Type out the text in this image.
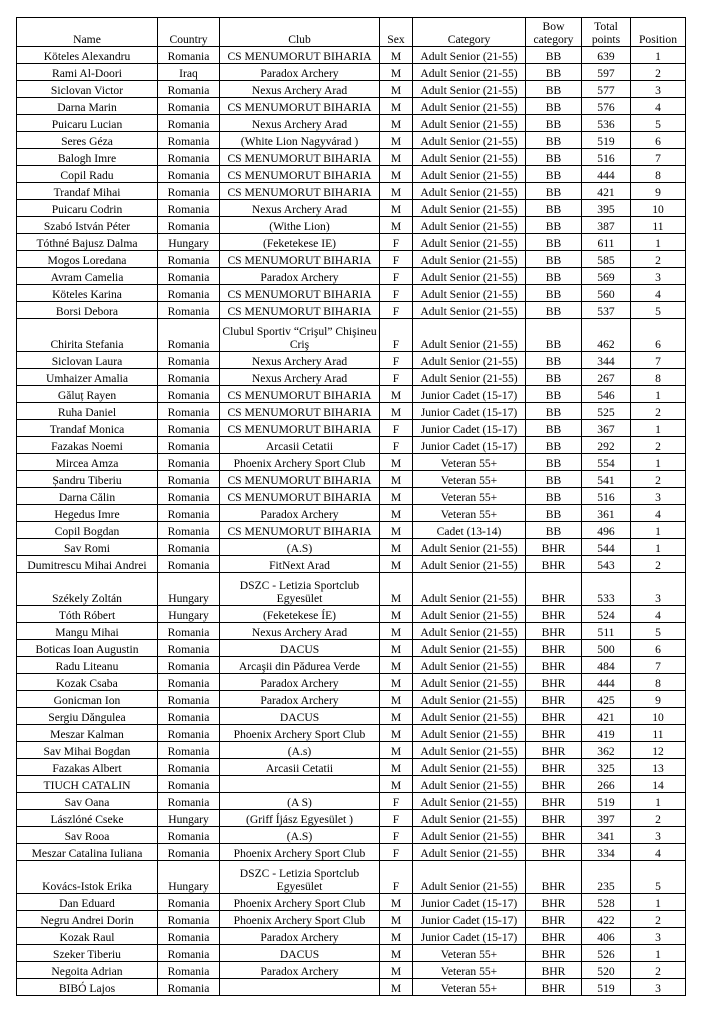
Name	Country	Club	Sex	Category	Bow category	Total points	Position
Köteles Alexandru	Romania	CS MENUMORUT BIHARIA	M	Adult Senior (21-55)	BB	639	1
Rami Al-Doori	Iraq	Paradox Archery	M	Adult Senior (21-55)	BB	597	2
Siclovan Victor	Romania	Nexus Archery Arad	M	Adult Senior (21-55)	BB	577	3
Darna Marin	Romania	CS MENUMORUT BIHARIA	M	Adult Senior (21-55)	BB	576	4
Puicaru Lucian	Romania	Nexus Archery Arad	M	Adult Senior (21-55)	BB	536	5
Seres Géza	Romania	(White Lion Nagyvárad )	M	Adult Senior (21-55)	BB	519	6
Balogh Imre	Romania	CS MENUMORUT BIHARIA	M	Adult Senior (21-55)	BB	516	7
Copil Radu	Romania	CS MENUMORUT BIHARIA	M	Adult Senior (21-55)	BB	444	8
Trandaf Mihai	Romania	CS MENUMORUT BIHARIA	M	Adult Senior (21-55)	BB	421	9
Puicaru Codrin	Romania	Nexus Archery Arad	M	Adult Senior (21-55)	BB	395	10
Szabó István Péter	Romania	(Withe Lion)	M	Adult Senior (21-55)	BB	387	11
Tóthné Bajusz Dalma	Hungary	(Feketekese IE)	F	Adult Senior (21-55)	BB	611	1
Mogos Loredana	Romania	CS MENUMORUT BIHARIA	F	Adult Senior (21-55)	BB	585	2
Avram Camelia	Romania	Paradox Archery	F	Adult Senior (21-55)	BB	569	3
Köteles Karina	Romania	CS MENUMORUT BIHARIA	F	Adult Senior (21-55)	BB	560	4
Borsi Debora	Romania	CS MENUMORUT BIHARIA	F	Adult Senior (21-55)	BB	537	5
Chirita Stefania	Romania	Clubul Sportiv “Crişul” Chişineu Criş	F	Adult Senior (21-55)	BB	462	6
Siclovan Laura	Romania	Nexus Archery Arad	F	Adult Senior (21-55)	BB	344	7
Umhaizer Amalia	Romania	Nexus Archery Arad	F	Adult Senior (21-55)	BB	267	8
Găluț Rayen	Romania	CS MENUMORUT BIHARIA	M	Junior Cadet (15-17)	BB	546	1
Ruha Daniel	Romania	CS MENUMORUT BIHARIA	M	Junior Cadet (15-17)	BB	525	2
Trandaf Monica	Romania	CS MENUMORUT BIHARIA	F	Junior Cadet (15-17)	BB	367	1
Fazakas Noemi	Romania	Arcasii Cetatii	F	Junior Cadet (15-17)	BB	292	2
Mircea Amza	Romania	Phoenix Archery Sport Club	M	Veteran 55+	BB	554	1
Șandru Tiberiu	Romania	CS MENUMORUT BIHARIA	M	Veteran 55+	BB	541	2
Darna Călin	Romania	CS MENUMORUT BIHARIA	M	Veteran 55+	BB	516	3
Hegedus Imre	Romania	Paradox Archery	M	Veteran 55+	BB	361	4
Copil Bogdan	Romania	CS MENUMORUT BIHARIA	M	Cadet (13-14)	BB	496	1
Sav Romi	Romania	(A.S)	M	Adult Senior (21-55)	BHR	544	1
Dumitrescu Mihai Andrei	Romania	FitNext Arad	M	Adult Senior (21-55)	BHR	543	2
Székely Zoltán	Hungary	DSZC - Letizia Sportclub Egyesület	M	Adult Senior (21-55)	BHR	533	3
Tóth Róbert	Hungary	(Feketekese ÍE)	M	Adult Senior (21-55)	BHR	524	4
Mangu Mihai	Romania	Nexus Archery Arad	M	Adult Senior (21-55)	BHR	511	5
Boticas Ioan Augustin	Romania	DACUS	M	Adult Senior (21-55)	BHR	500	6
Radu Liteanu	Romania	Arcaşii din Pădurea Verde	M	Adult Senior (21-55)	BHR	484	7
Kozak Csaba	Romania	Paradox Archery	M	Adult Senior (21-55)	BHR	444	8
Gonicman Ion	Romania	Paradox Archery	M	Adult Senior (21-55)	BHR	425	9
Sergiu Dăngulea	Romania	DACUS	M	Adult Senior (21-55)	BHR	421	10
Meszar Kalman	Romania	Phoenix Archery Sport Club	M	Adult Senior (21-55)	BHR	419	11
Sav Mihai Bogdan	Romania	(A.s)	M	Adult Senior (21-55)	BHR	362	12
Fazakas Albert	Romania	Arcasii Cetatii	M	Adult Senior (21-55)	BHR	325	13
TIUCH CATALIN	Romania		M	Adult Senior (21-55)	BHR	266	14
Sav Oana	Romania	(A S)	F	Adult Senior (21-55)	BHR	519	1
Lászlóné Cseke	Hungary	(Griff Íjász Egyesület )	F	Adult Senior (21-55)	BHR	397	2
Sav Rooa	Romania	(A.S)	F	Adult Senior (21-55)	BHR	341	3
Meszar Catalina Iuliana	Romania	Phoenix Archery Sport Club	F	Adult Senior (21-55)	BHR	334	4
Kovács-Istok Erika	Hungary	DSZC - Letizia Sportclub Egyesület	F	Adult Senior (21-55)	BHR	235	5
Dan Eduard	Romania	Phoenix Archery Sport Club	M	Junior Cadet (15-17)	BHR	528	1
Negru Andrei Dorin	Romania	Phoenix Archery Sport Club	M	Junior Cadet (15-17)	BHR	422	2
Kozak Raul	Romania	Paradox Archery	M	Junior Cadet (15-17)	BHR	406	3
Szeker Tiberiu	Romania	DACUS	M	Veteran 55+	BHR	526	1
Negoita Adrian	Romania	Paradox Archery	M	Veteran 55+	BHR	520	2
BIBÓ Lajos	Romania		M	Veteran 55+	BHR	519	3
